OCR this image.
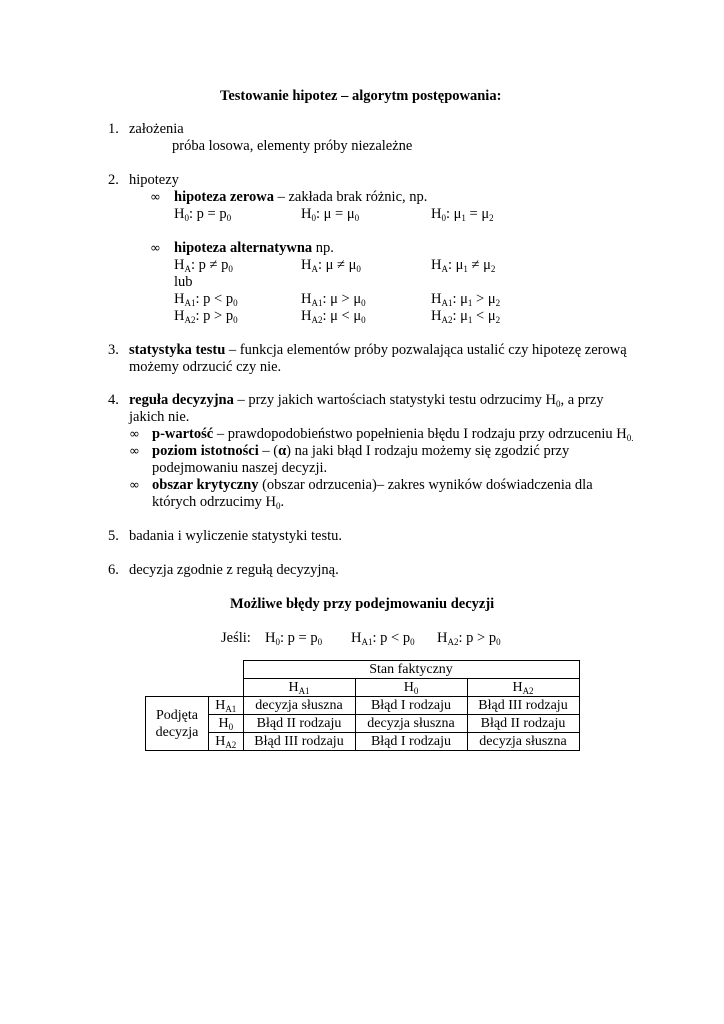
Testowanie hipotez – algorytm postępowania:
1. założenia
próba losowa, elementy próby niezależne
2. hipotezy
∞ hipoteza zerowa – zakłada brak różnic, np.
$H_0$: $p = p_0$	$H_0$: $\mu = \mu_0$	$H_0$: $\mu_1 = \mu_2$
∞ hipoteza alternatywna np.
$H_A$: $p \ne p_0$	$H_A$: $\mu \ne \mu_0$	$H_A$: $\mu_1 \ne \mu_2$
lub
$H_{A1}$: $p < p_0$	$H_{A1}$: $\mu > \mu_0$	$H_{A1}$: $\mu_1 > \mu_2$
$H_{A2}$: $p > p_0$	$H_{A2}$: $\mu < \mu_0$	$H_{A2}$: $\mu_1 < \mu_2$
3. statystyka testu – funkcja elementów próby pozwalająca ustalić czy hipotezę zerową
możemy odrzucić czy nie.
4. reguła decyzyjna – przy jakich wartościach statystyki testu odrzucimy $H_0$, a przy
jakich nie.
∞ p-wartość – prawdopodobieństwo popełnienia błędu I rodzaju przy odrzuceniu $H_{0.}$
∞ poziom istotności – (α) na jaki błąd I rodzaju możemy się zgodzić przy
podejmowaniu naszej decyzji.
∞ obszar krytyczny (obszar odrzucenia)– zakres wyników doświadczenia dla
których odrzucimy $H_0$.
5. badania i wyliczenie statystyki testu.
6. decyzja zgodnie z regułą decyzyjną.
Możliwe błędy przy podejmowaniu decyzji
Jeśli: $H_0$: $p = p_0$ $H_{A1}$: $p < p_0$ $H_{A2}$: $p > p_0$
		Stan faktyczny		
		$H_{A1}$	$H_0$	$H_{A2}$
Podjęta
decyzja	$H_{A1}$	decyzja słuszna	Błąd I rodzaju	Błąd III rodzaju
	$H_0$	Błąd II rodzaju	decyzja słuszna	Błąd II rodzaju
	$H_{A2}$	Błąd III rodzaju	Błąd I rodzaju	decyzja słuszna
